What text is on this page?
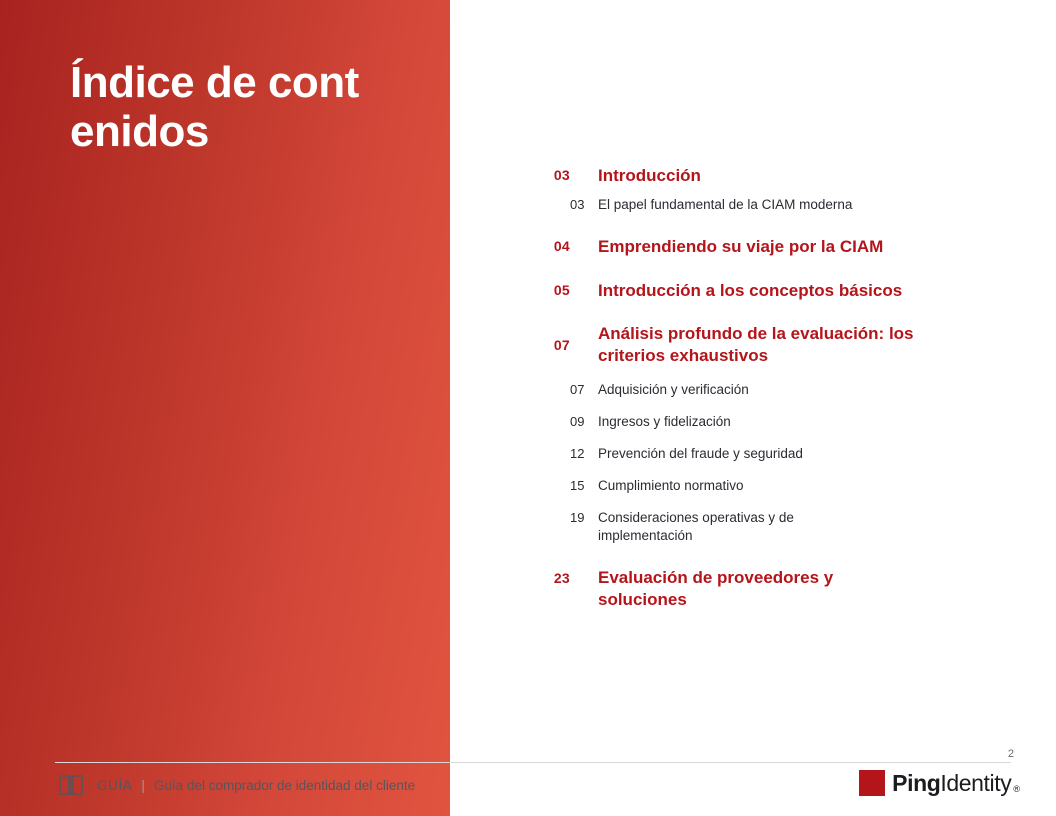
Índice de contenidos
03 Introducción
03 El papel fundamental de la CIAM moderna
04 Emprendiendo su viaje por la CIAM
05 Introducción a los conceptos básicos
07
Análisis profundo de la evaluación: los criterios exhaustivos
07 Adquisición y verificación
09 Ingresos y fidelización
12 Prevención del fraude y seguridad
15 Cumplimiento normativo
19 Consideraciones operativas y de implementación
23 Evaluación de proveedores y soluciones
2
GUÍA | Guía del comprador de identidad del cliente	Ping Identity ®
